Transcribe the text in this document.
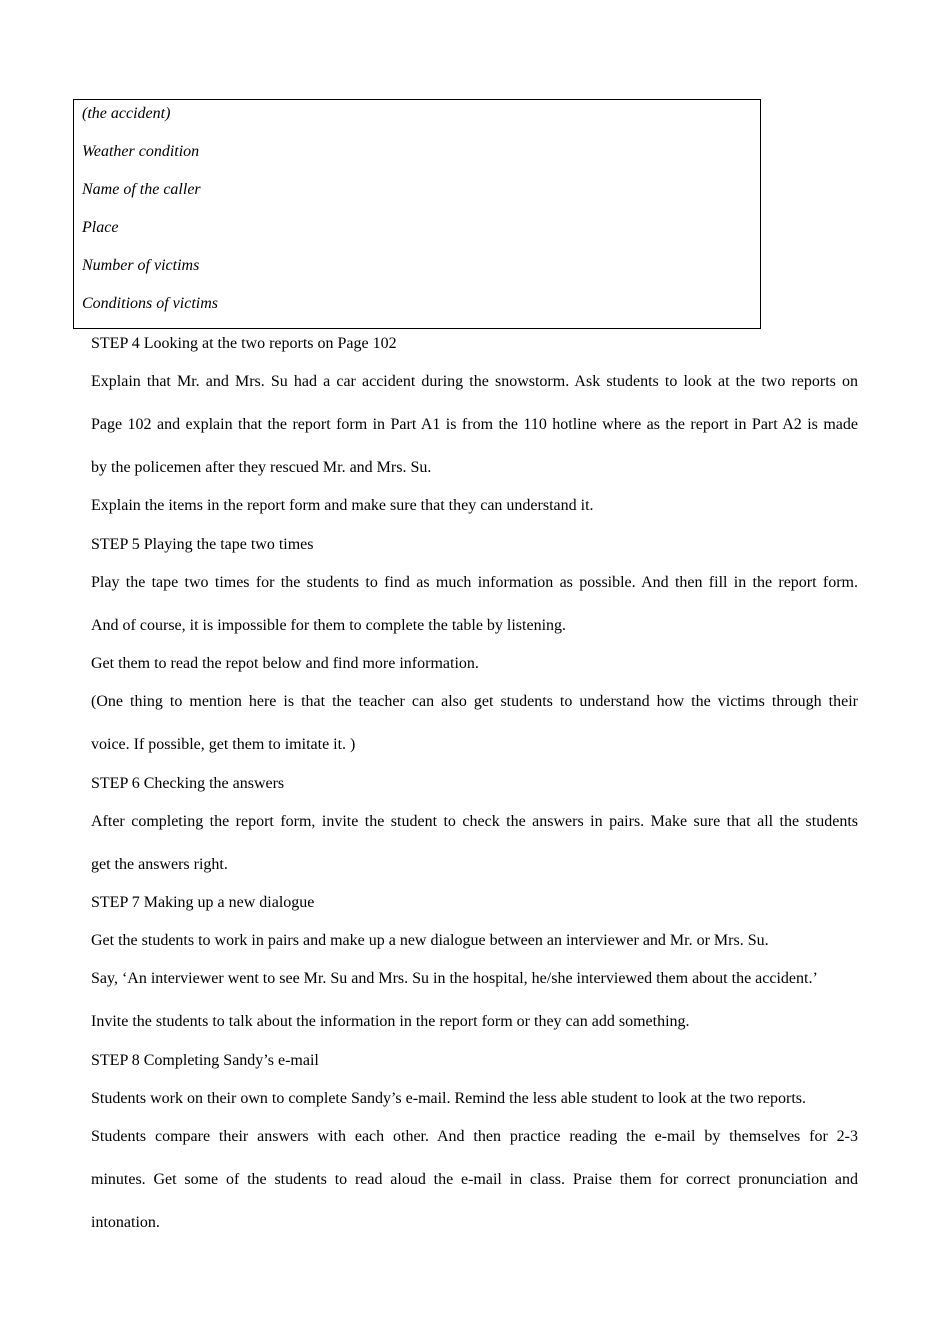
(the accident)
Weather condition
Name of the caller
Place
Number of victims
Conditions of victims
STEP 4 Looking at the two reports on Page 102
Explain that Mr. and Mrs. Su had a car accident during the snowstorm. Ask students to look at the two reports on
Page 102 and explain that the report form in Part A1 is from the 110 hotline where as the report in Part A2 is made
by the policemen after they rescued Mr. and Mrs. Su.
Explain the items in the report form and make sure that they can understand it.
STEP 5 Playing the tape two times
Play the tape two times for the students to find as much information as possible. And then fill in the report form.
And of course, it is impossible for them to complete the table by listening.
Get them to read the repot below and find more information.
(One thing to mention here is that the teacher can also get students to understand how the victims through their
voice. If possible, get them to imitate it. )
STEP 6 Checking the answers
After completing the report form, invite the student to check the answers in pairs. Make sure that all the students
get the answers right.
STEP 7 Making up a new dialogue
Get the students to work in pairs and make up a new dialogue between an interviewer and Mr. or Mrs. Su.
Say, ‘An interviewer went to see Mr. Su and Mrs. Su in the hospital, he/she interviewed them about the accident.’
Invite the students to talk about the information in the report form or they can add something.
STEP 8 Completing Sandy’s e-mail
Students work on their own to complete Sandy’s e-mail. Remind the less able student to look at the two reports.
Students compare their answers with each other. And then practice reading the e-mail by themselves for 2-3
minutes. Get some of the students to read aloud the e-mail in class. Praise them for correct pronunciation and
intonation.
